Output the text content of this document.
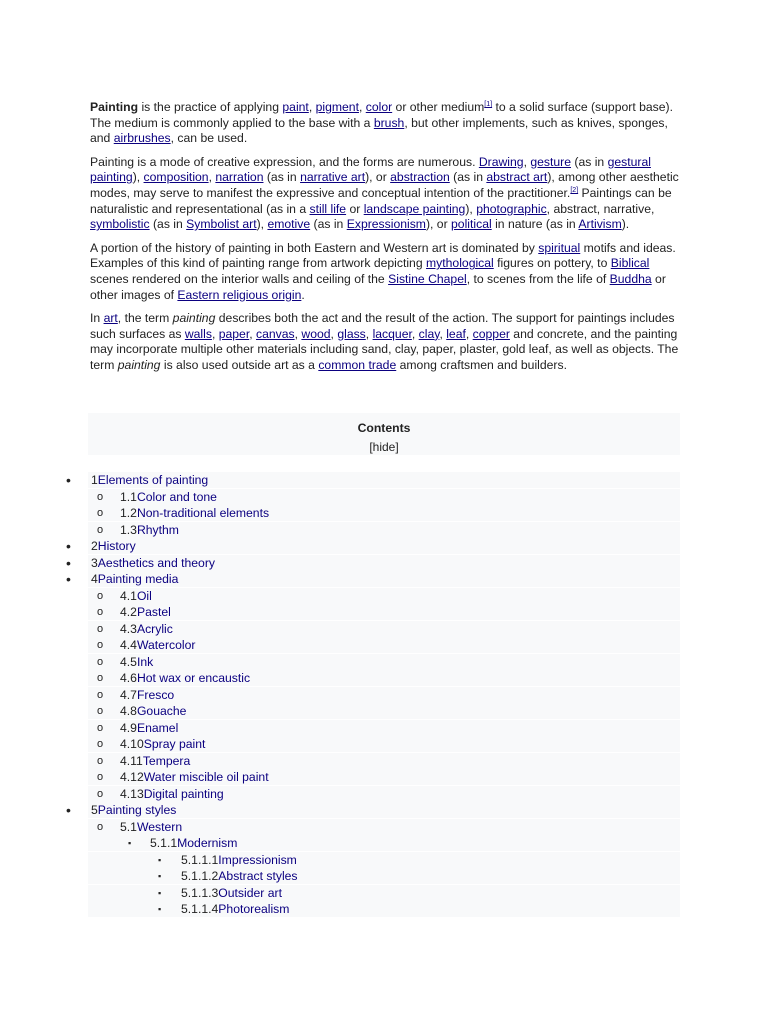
Painting is the practice of applying paint, pigment, color or other medium[1] to a solid surface (support base). The medium is commonly applied to the base with a brush, but other implements, such as knives, sponges, and airbrushes, can be used.

Painting is a mode of creative expression, and the forms are numerous. Drawing, gesture (as in gestural painting), composition, narration (as in narrative art), or abstraction (as in abstract art), among other aesthetic modes, may serve to manifest the expressive and conceptual intention of the practitioner.[2] Paintings can be naturalistic and representational (as in a still life or landscape painting), photographic, abstract, narrative, symbolistic (as in Symbolist art), emotive (as in Expressionism), or political in nature (as in Artivism).

A portion of the history of painting in both Eastern and Western art is dominated by spiritual motifs and ideas. Examples of this kind of painting range from artwork depicting mythological figures on pottery, to Biblical scenes rendered on the interior walls and ceiling of the Sistine Chapel, to scenes from the life of Buddha or other images of Eastern religious origin.

In art, the term painting describes both the act and the result of the action. The support for paintings includes such surfaces as walls, paper, canvas, wood, glass, lacquer, clay, leaf, copper and concrete, and the painting may incorporate multiple other materials including sand, clay, paper, plaster, gold leaf, as well as objects. The term painting is also used outside art as a common trade among craftsmen and builders.

Contents
[hide]
• 1Elements of painting
o 1.1Color and tone
o 1.2Non-traditional elements
o 1.3Rhythm
• 2History
• 3Aesthetics and theory
• 4Painting media
o 4.1Oil
o 4.2Pastel
o 4.3Acrylic
o 4.4Watercolor
o 4.5Ink
o 4.6Hot wax or encaustic
o 4.7Fresco
o 4.8Gouache
o 4.9Enamel
o 4.10Spray paint
o 4.11Tempera
o 4.12Water miscible oil paint
o 4.13Digital painting
• 5Painting styles
o 5.1Western
▪ 5.1.1Modernism
▪ 5.1.1.1Impressionism
▪ 5.1.1.2Abstract styles
▪ 5.1.1.3Outsider art
▪ 5.1.1.4Photorealism
